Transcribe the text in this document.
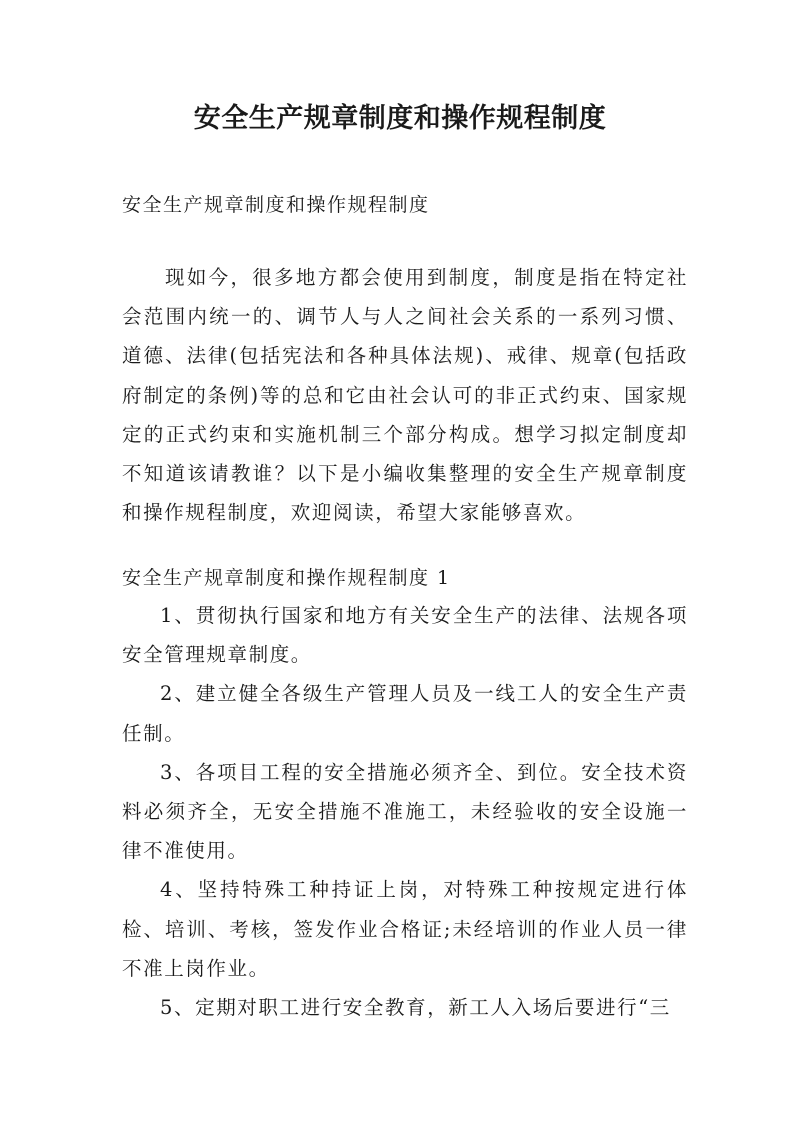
安全生产规章制度和操作规程制度

安全生产规章制度和操作规程制度

现如今，很多地方都会使用到制度，制度是指在特定社会范围内统一的、调节人与人之间社会关系的一系列习惯、道德、法律(包括宪法和各种具体法规)、戒律、规章(包括政府制定的条例)等的总和它由社会认可的非正式约束、国家规定的正式约束和实施机制三个部分构成。想学习拟定制度却不知道该请教谁？以下是小编收集整理的安全生产规章制度和操作规程制度，欢迎阅读，希望大家能够喜欢。

安全生产规章制度和操作规程制度 1

1、贯彻执行国家和地方有关安全生产的法律、法规各项安全管理规章制度。
2、建立健全各级生产管理人员及一线工人的安全生产责任制。
3、各项目工程的安全措施必须齐全、到位。安全技术资料必须齐全，无安全措施不准施工，未经验收的安全设施一律不准使用。
4、坚持特殊工种持证上岗，对特殊工种按规定进行体检、培训、考核，签发作业合格证;未经培训的作业人员一律不准上岗作业。
5、定期对职工进行安全教育，新工人入场后要进行“三
